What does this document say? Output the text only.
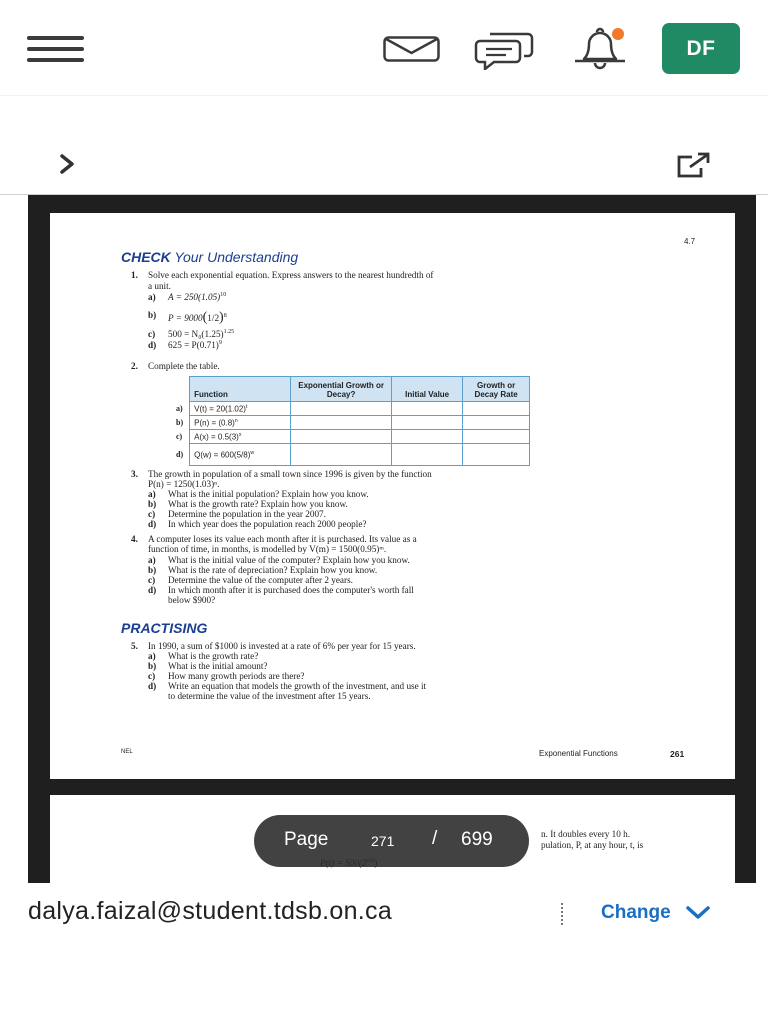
DF
4.7
CHECK Your Understanding
1. Solve each exponential equation. Express answers to the nearest hundredth of
a unit.
a) $A = 250(1.05)^{10}$
b) $P = 9000(1/2)^8$
c) $500 = N_0(1.25)^{1.25}$
d) $625 = P(0.71)^9$
2. Complete the table.
	Function	Exponential Growth or Decay?	Initial Value	Growth or Decay Rate
a)	$V(t) = 20(1.02)^t$			
b)	$P(n) = (0.8)^n$			
c)	$A(x) = 0.5(3)^x$			
d)	$Q(w) = 600(5/8)^w$			
3. The growth in population of a small town since 1996 is given by the function
P(n) = 1250(1.03)ⁿ.
a) What is the initial population? Explain how you know.
b) What is the growth rate? Explain how you know.
c) Determine the population in the year 2007.
d) In which year does the population reach 2000 people?
4. A computer loses its value each month after it is purchased. Its value as a
function of time, in months, is modelled by V(m) = 1500(0.95)ᵐ.
a) What is the initial value of the computer? Explain how you know.
b) What is the rate of depreciation? Explain how you know.
c) Determine the value of the computer after 2 years.
d) In which month after it is purchased does the computer's worth fall
below $900?
PRACTISING
5. In 1990, a sum of $1000 is invested at a rate of 6% per year for 15 years.
a) What is the growth rate?
b) What is the initial amount?
c) How many growth periods are there?
d) Write an equation that models the growth of the investment, and use it
to determine the value of the investment after 15 years.
NEL	Exponential Functions	261
n. It doubles every 10 h.
pulation, P, at any hour, t, is
Page	271 / 699
dalya.faizal@student.tdsb.on.ca	Change
